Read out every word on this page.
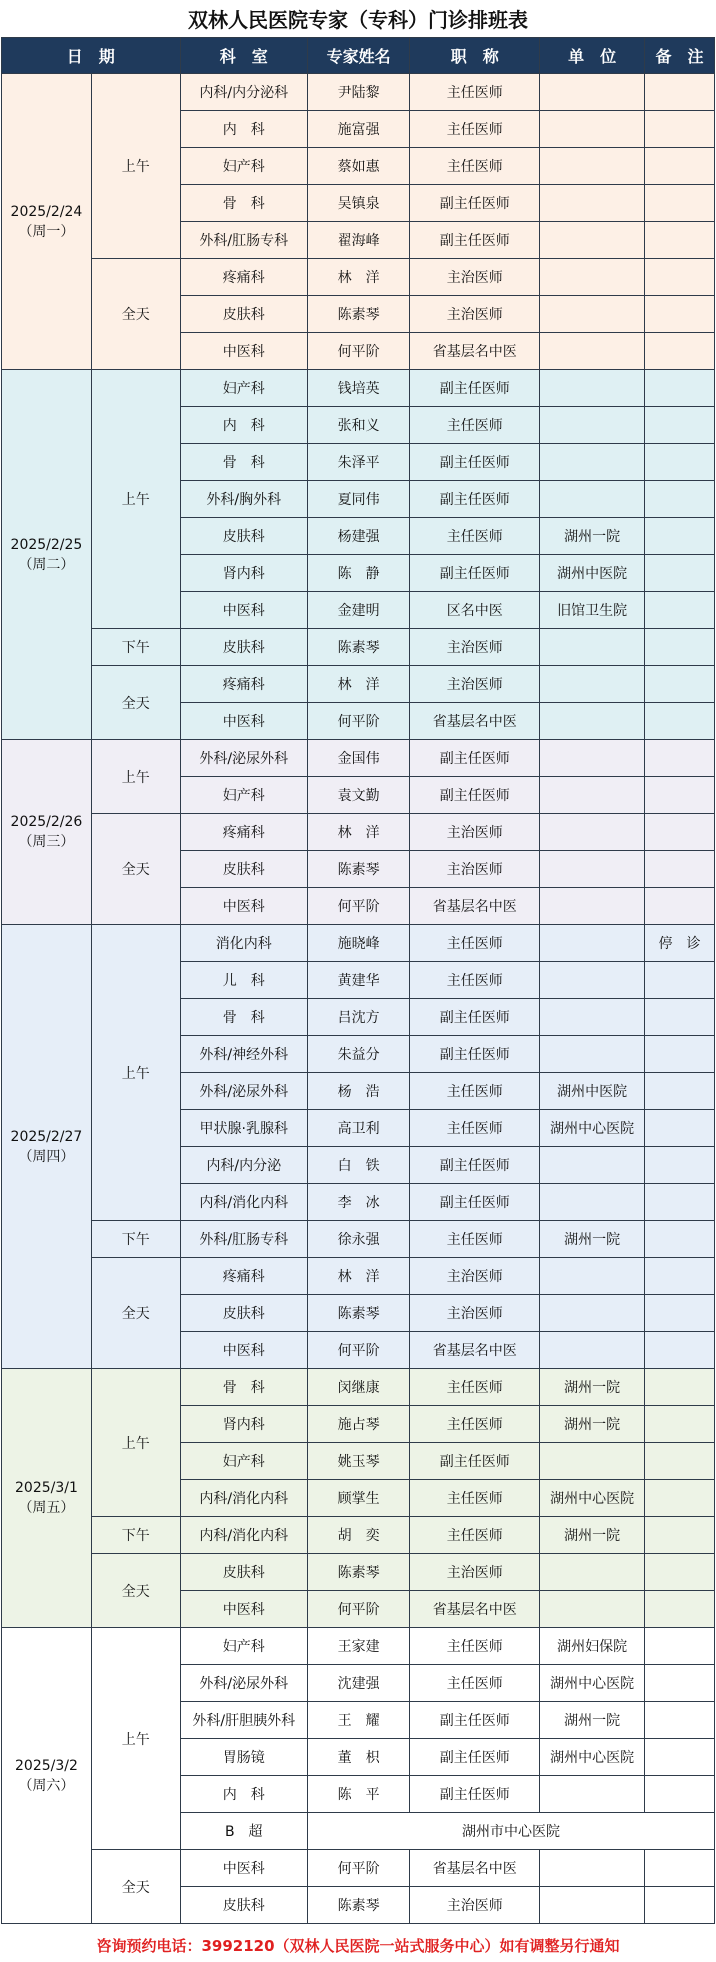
双林人民医院专家（专科）门诊排班表
日　期		科　室	专家姓名	职　称	单　位	备　注

2025/2/24
（周一）	上午	内科/内分泌科	尹陆黎	主任医师		
		内　科	施富强	主任医师		
		妇产科	蔡如惠	主任医师		
		骨　科	吴镇泉	副主任医师		
		外科/肛肠专科	翟海峰	副主任医师		
	全天	疼痛科	林　洋	主治医师		
		皮肤科	陈素琴	主治医师		
		中医科	何平阶	省基层名中医		

2025/2/25
（周二）	上午	妇产科	钱培英	副主任医师		
		内　科	张和义	主任医师		
		骨　科	朱泽平	副主任医师		
		外科/胸外科	夏同伟	副主任医师		
		皮肤科	杨建强	主任医师	湖州一院	
		肾内科	陈　静	副主任医师	湖州中医院	
		中医科	金建明	区名中医	旧馆卫生院	
	下午	皮肤科	陈素琴	主治医师		
	全天	疼痛科	林　洋	主治医师		
		中医科	何平阶	省基层名中医		

2025/2/26
（周三）	上午	外科/泌尿外科	金国伟	副主任医师		
		妇产科	袁文勤	副主任医师		
	全天	疼痛科	林　洋	主治医师		
		皮肤科	陈素琴	主治医师		
		中医科	何平阶	省基层名中医		

2025/2/27
（周四）	上午	消化内科	施晓峰	主任医师		停　诊
		儿　科	黄建华	主任医师		
		骨　科	吕沈方	副主任医师		
		外科/神经外科	朱益分	副主任医师		
		外科/泌尿外科	杨　浩	主任医师	湖州中医院	
		甲状腺·乳腺科	高卫利	主任医师	湖州中心医院	
		内科/内分泌	白　铁	副主任医师		
		内科/消化内科	李　冰	副主任医师		
	下午	外科/肛肠专科	徐永强	主任医师	湖州一院	
	全天	疼痛科	林　洋	主治医师		
		皮肤科	陈素琴	主治医师		
		中医科	何平阶	省基层名中医		

2025/3/1
（周五）	上午	骨　科	闵继康	主任医师	湖州一院	
		肾内科	施占琴	主任医师	湖州一院	
		妇产科	姚玉琴	副主任医师		
		内科/消化内科	顾掌生	主任医师	湖州中心医院	
	下午	内科/消化内科	胡　奕	主任医师	湖州一院	
	全天	皮肤科	陈素琴	主治医师		
		中医科	何平阶	省基层名中医		

2025/3/2
（周六）	上午	妇产科	王家建	主任医师	湖州妇保院	
		外科/泌尿外科	沈建强	主任医师	湖州中心医院	
		外科/肝胆胰外科	王　耀	副主任医师	湖州一院	
		胃肠镜	董　枳	副主任医师	湖州中心医院	
		内　科	陈　平	副主任医师		
		B　超	湖州市中心医院			
	全天	中医科	何平阶	省基层名中医		
		皮肤科	陈素琴	主治医师		
咨询预约电话：3992120（双林人民医院一站式服务中心）如有调整另行通知
